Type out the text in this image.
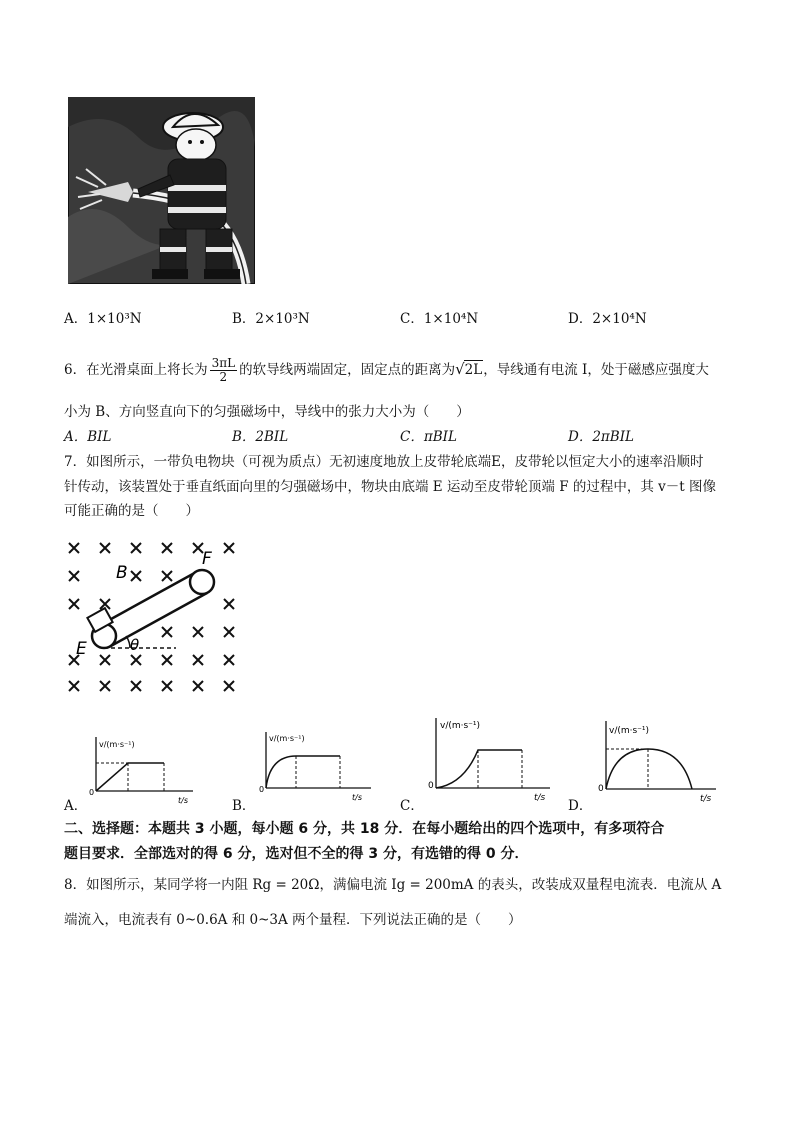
A．1×10³N	B．2×10³N	C．1×10⁴N	D．2×10⁴N
6．在光滑桌面上将长为 $\frac{3\pi L}{2}$ 的软导线两端固定，固定点的距离为√2L，导线通有电流 I，处于磁感应强度大
小为 B、方向竖直向下的匀强磁场中，导线中的张力大小为（　　）
A．BIL	B．2BIL	C．πBIL	D．2πBIL
7．如图所示，一带负电物块（可视为质点）无初速度地放上皮带轮底端E，皮带轮以恒定大小的速率沿顺时
针传动，该装置处于垂直纸面向里的匀强磁场中，物块由底端 E 运动至皮带轮顶端 F 的过程中，其 v－t 图像
可能正确的是（　　）
B
F
E	θ
v/(m·s⁻¹)
t/s
0
v/(m·s⁻¹)
t/s
0
v/(m·s⁻¹)
t/s
0
v/(m·s⁻¹)
t/s
0
A．	B．	C．	D．
二、选择题：本题共 3 小题，每小题 6 分，共 18 分．在每小题给出的四个选项中，有多项符合
题目要求．全部选对的得 6 分，选对但不全的得 3 分，有选错的得 0 分．
8．如图所示，某同学将一内阻 Rg = 20Ω，满偏电流 Ig = 200mA 的表头，改装成双量程电流表．电流从 A
端流入，电流表有 0~0.6A 和 0~3A 两个量程．下列说法正确的是（　　）
